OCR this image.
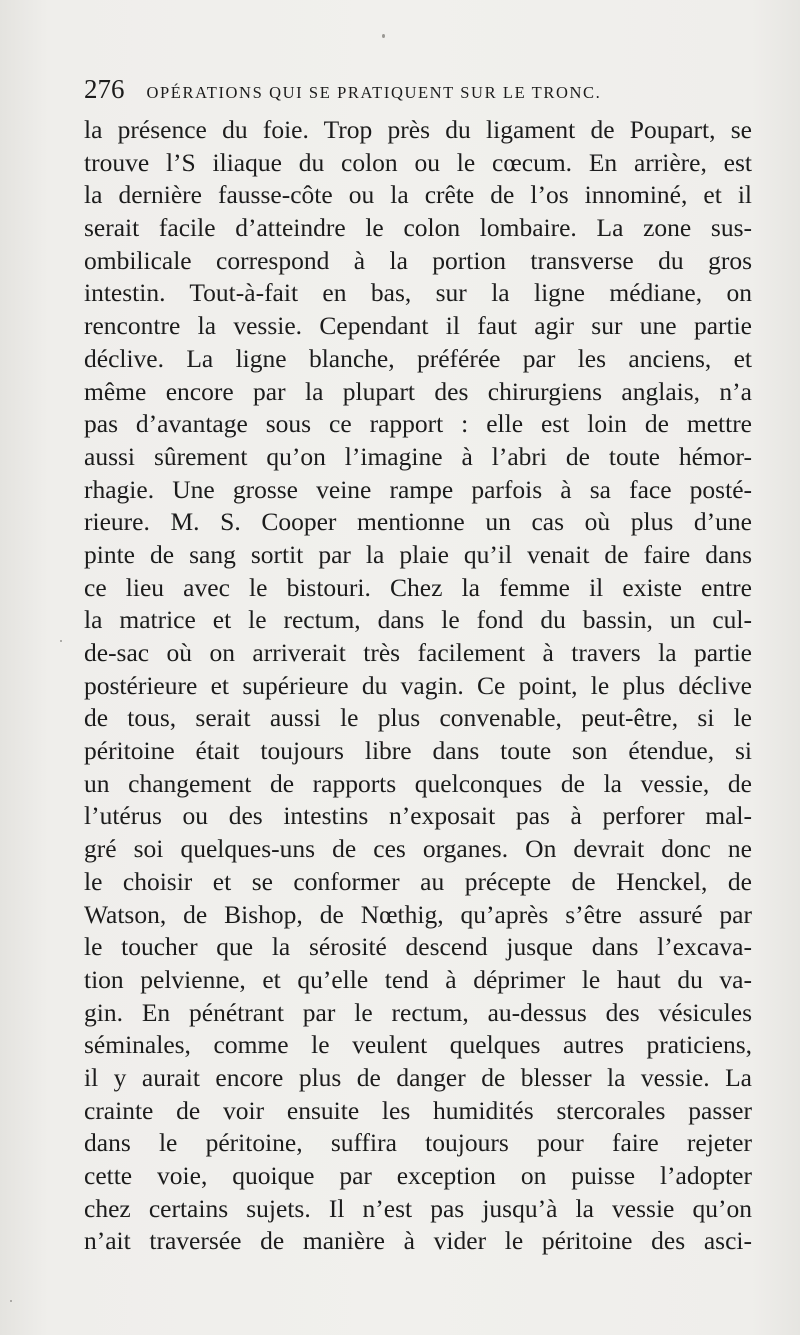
276 OPÉRATIONS QUI SE PRATIQUENT SUR LE TRONC.
la présence du foie. Trop près du ligament de Poupart, se
trouve l’S iliaque du colon ou le cœcum. En arrière, est
la dernière fausse-côte ou la crête de l’os innominé, et il
serait facile d’atteindre le colon lombaire. La zone sus-
ombilicale correspond à la portion transverse du gros
intestin. Tout-à-fait en bas, sur la ligne médiane, on
rencontre la vessie. Cependant il faut agir sur une partie
déclive. La ligne blanche, préférée par les anciens, et
même encore par la plupart des chirurgiens anglais, n’a
pas d’avantage sous ce rapport : elle est loin de mettre
aussi sûrement qu’on l’imagine à l’abri de toute hémor-
rhagie. Une grosse veine rampe parfois à sa face posté-
rieure. M. S. Cooper mentionne un cas où plus d’une
pinte de sang sortit par la plaie qu’il venait de faire dans
ce lieu avec le bistouri. Chez la femme il existe entre
la matrice et le rectum, dans le fond du bassin, un cul-
de-sac où on arriverait très facilement à travers la partie
postérieure et supérieure du vagin. Ce point, le plus déclive
de tous, serait aussi le plus convenable, peut-être, si le
péritoine était toujours libre dans toute son étendue, si
un changement de rapports quelconques de la vessie, de
l’utérus ou des intestins n’exposait pas à perforer mal-
gré soi quelques-uns de ces organes. On devrait donc ne
le choisir et se conformer au précepte de Henckel, de
Watson, de Bishop, de Nœthig, qu’après s’être assuré par
le toucher que la sérosité descend jusque dans l’excava-
tion pelvienne, et qu’elle tend à déprimer le haut du va-
gin. En pénétrant par le rectum, au-dessus des vésicules
séminales, comme le veulent quelques autres praticiens,
il y aurait encore plus de danger de blesser la vessie. La
crainte de voir ensuite les humidités stercorales passer
dans le péritoine, suffira toujours pour faire rejeter
cette voie, quoique par exception on puisse l’adopter
chez certains sujets. Il n’est pas jusqu’à la vessie qu’on
n’ait traversée de manière à vider le péritoine des asci-
